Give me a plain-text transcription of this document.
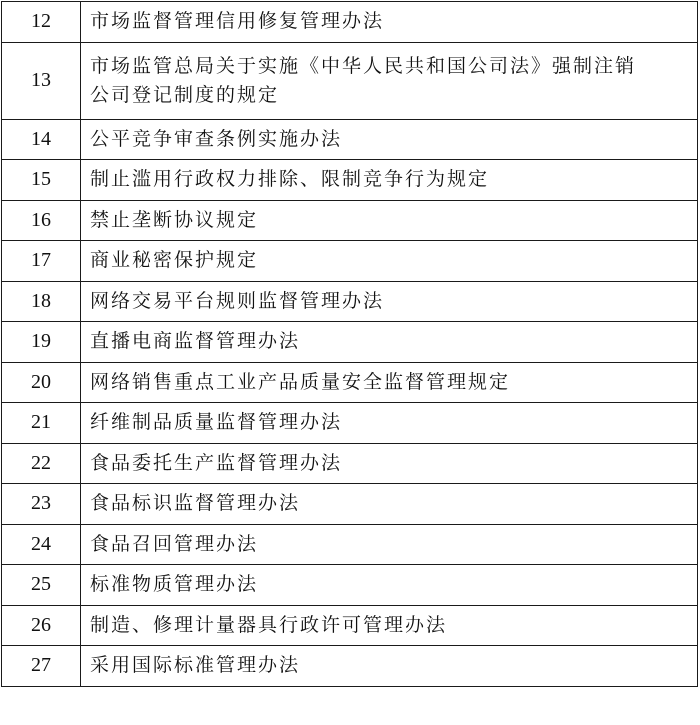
12	市场监督管理信用修复管理办法
13	市场监管总局关于实施《中华人民共和国公司法》强制注销
公司登记制度的规定

14	公平竞争审查条例实施办法
15	制止滥用行政权力排除、限制竞争行为规定
16	禁止垄断协议规定
17	商业秘密保护规定
18	网络交易平台规则监督管理办法
19	直播电商监督管理办法
20	网络销售重点工业产品质量安全监督管理规定
21	纤维制品质量监督管理办法
22	食品委托生产监督管理办法
23	食品标识监督管理办法
24	食品召回管理办法
25	标准物质管理办法
26	制造、修理计量器具行政许可管理办法
27	采用国际标准管理办法
